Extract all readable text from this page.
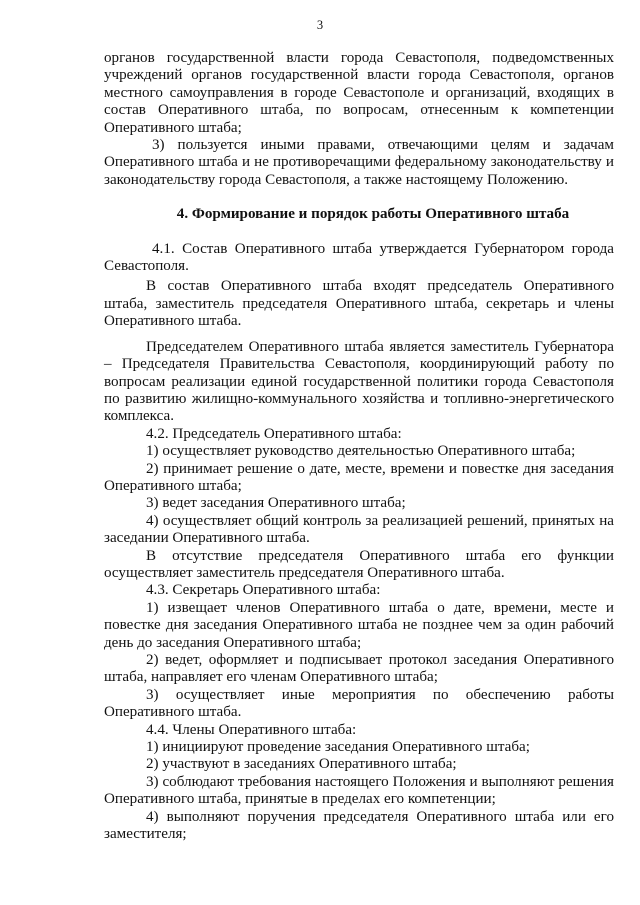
3

органов государственной власти города Севастополя, подведомственных учреждений органов государственной власти города Севастополя, органов местного самоуправления в городе Севастополе и организаций, входящих в состав Оперативного штаба, по вопросам, отнесенным к компетенции Оперативного штаба;

3) пользуется иными правами, отвечающими целям и задачам Оперативного штаба и не противоречащими федеральному законодательству и законодательству города Севастополя, а также настоящему Положению.

4. Формирование и порядок работы Оперативного штаба

4.1. Состав Оперативного штаба утверждается Губернатором города Севастополя.

В состав Оперативного штаба входят председатель Оперативного штаба, заместитель председателя Оперативного штаба, секретарь и члены Оперативного штаба.

Председателем Оперативного штаба является заместитель Губернатора – Председателя Правительства Севастополя, координирующий работу по вопросам реализации единой государственной политики города Севастополя по развитию жилищно-коммунального хозяйства и топливно-энергетического комплекса.

4.2. Председатель Оперативного штаба:

1) осуществляет руководство деятельностью Оперативного штаба;

2) принимает решение о дате, месте, времени и повестке дня заседания Оперативного штаба;

3) ведет заседания Оперативного штаба;

4) осуществляет общий контроль за реализацией решений, принятых на заседании Оперативного штаба.

В отсутствие председателя Оперативного штаба его функции осуществляет заместитель председателя Оперативного штаба.

4.3. Секретарь Оперативного штаба:

1) извещает членов Оперативного штаба о дате, времени, месте и повестке дня заседания Оперативного штаба не позднее чем за один рабочий день до заседания Оперативного штаба;

2) ведет, оформляет и подписывает протокол заседания Оперативного штаба, направляет его членам Оперативного штаба;

3) осуществляет иные мероприятия по обеспечению работы Оперативного штаба.

4.4. Члены Оперативного штаба:

1) инициируют проведение заседания Оперативного штаба;

2) участвуют в заседаниях Оперативного штаба;

3) соблюдают требования настоящего Положения и выполняют решения Оперативного штаба, принятые в пределах его компетенции;

4) выполняют поручения председателя Оперативного штаба или его заместителя;
